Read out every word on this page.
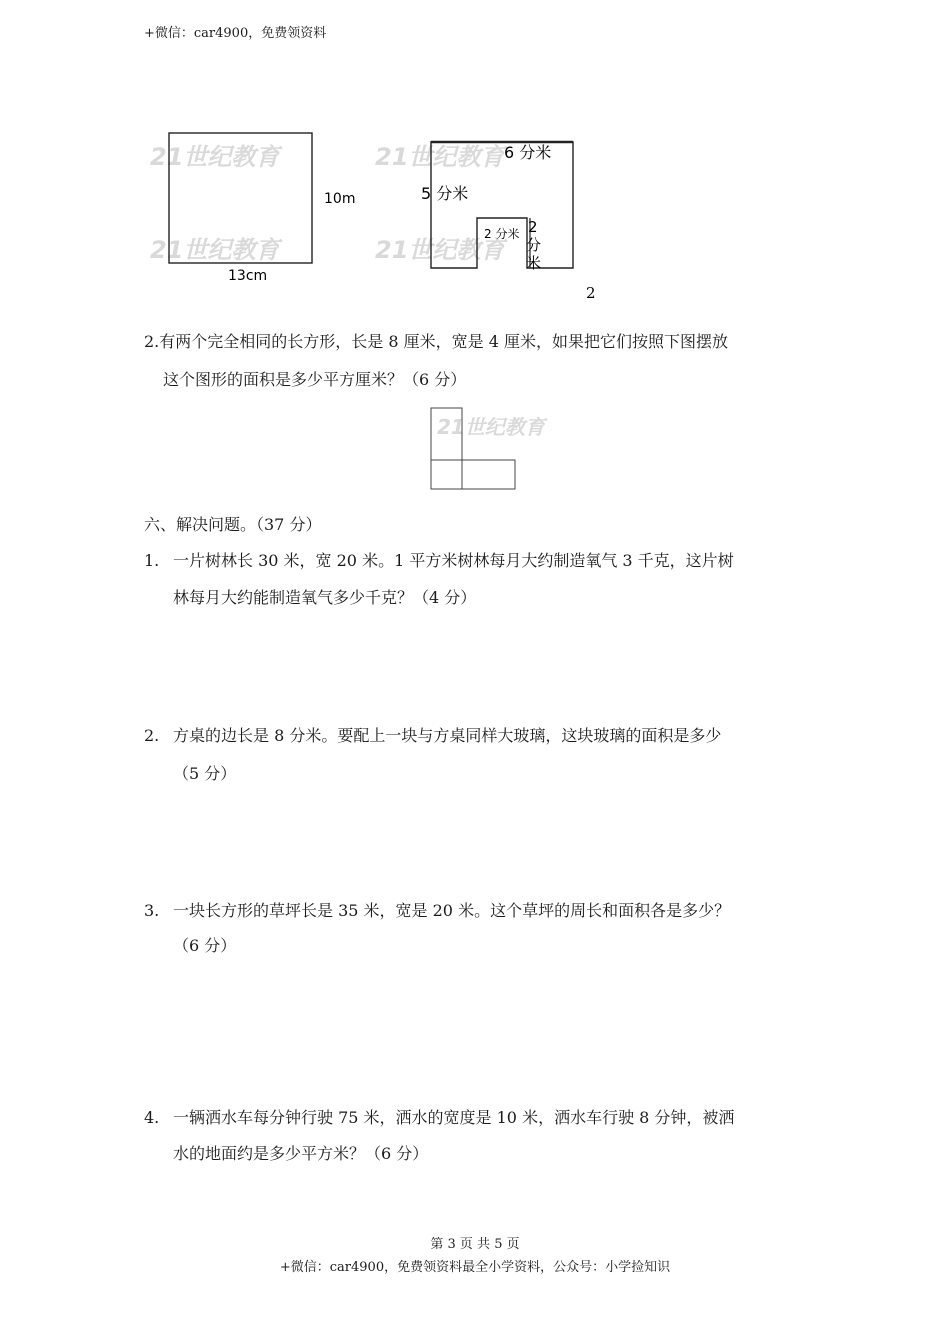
+微信：car4900，免费领资料
21世纪教育	21世纪教育
21世纪教育	21世纪教育
10m
13cm
6 分米
5 分米
2 分米 2
分
米
2
2.有两个完全相同的长方形，长是 8 厘米，宽是 4 厘米，如果把它们按照下图摆放
这个图形的面积是多少平方厘米？（6 分）
21世纪教育
六、解决问题。（37 分）
1. 一片树林长 30 米，宽 20 米。1 平方米树林每月大约制造氧气 3 千克，这片树
林每月大约能制造氧气多少千克？（4 分）
2. 方桌的边长是 8 分米。要配上一块与方桌同样大玻璃，这块玻璃的面积是多少
（5 分）
3. 一块长方形的草坪长是 35 米，宽是 20 米。这个草坪的周长和面积各是多少？
（6 分）
4. 一辆洒水车每分钟行驶 75 米，洒水的宽度是 10 米，洒水车行驶 8 分钟，被洒
水的地面约是多少平方米？（6 分）
第 3 页 共 5 页
+微信：car4900，免费领资料最全小学资料，公众号：小学捡知识
